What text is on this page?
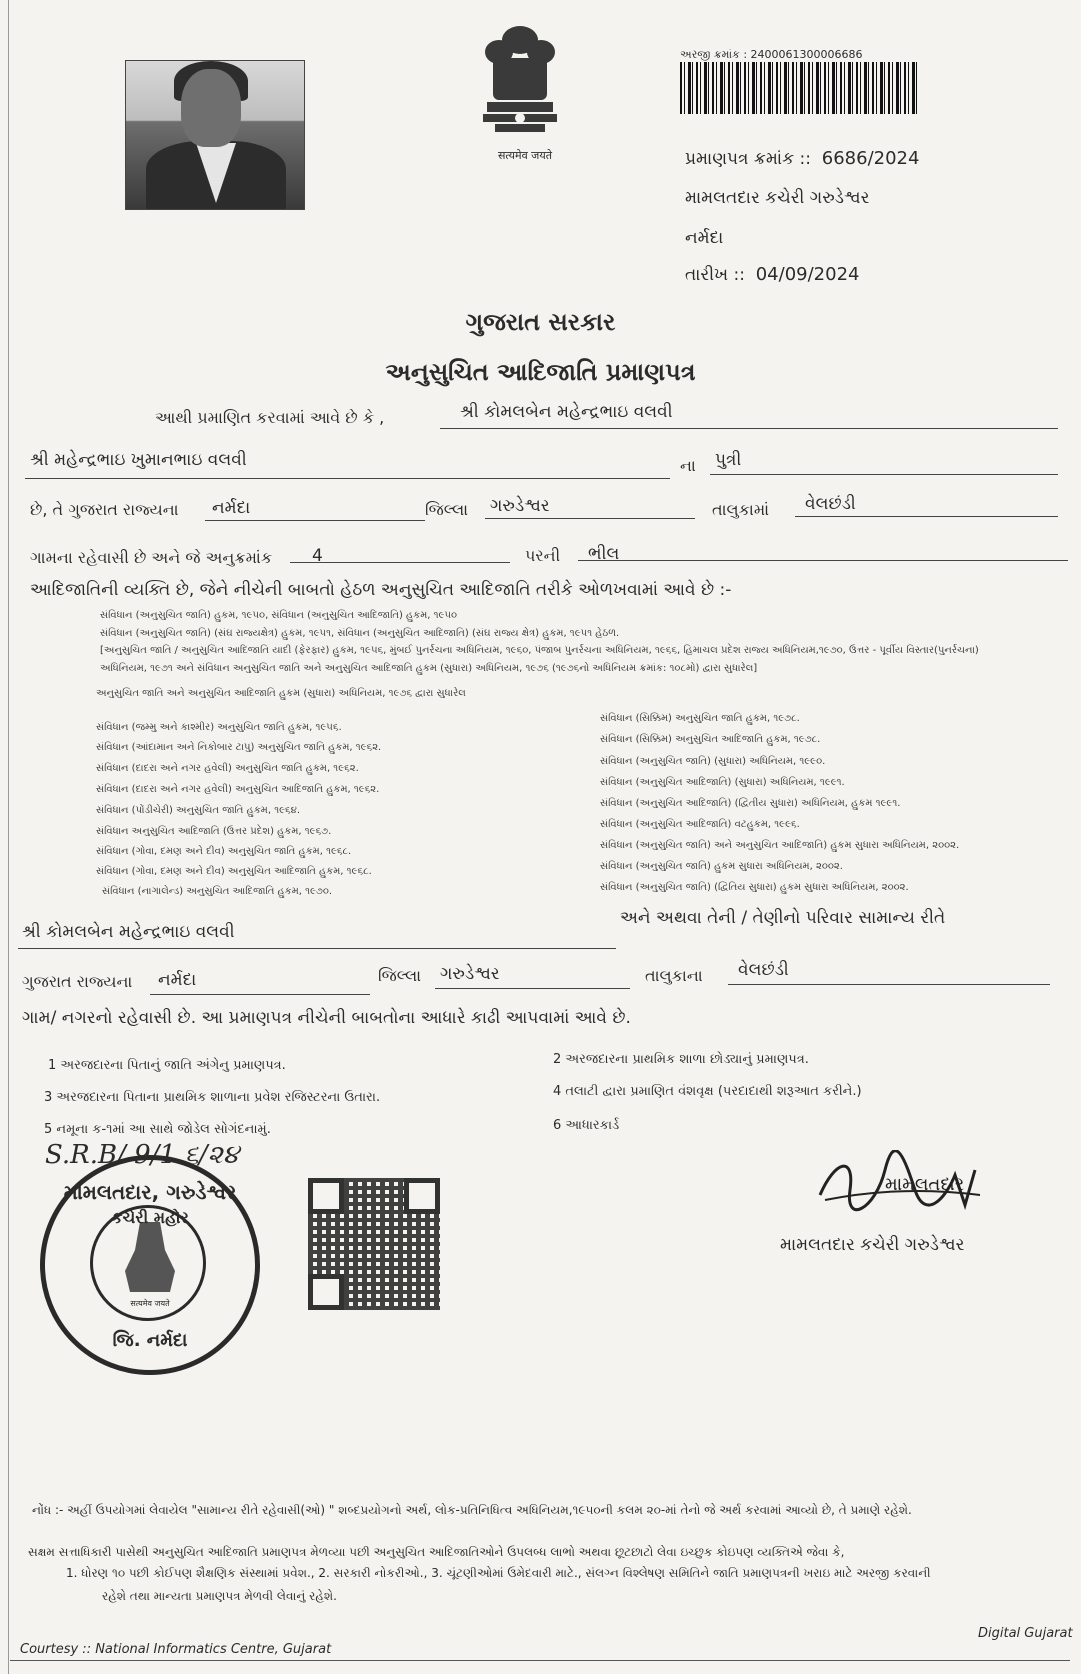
सत्यमेव जयते
અરજી ક્રમાંક : 2400061300006686
પ્રમાણપત્ર ક્રમાંક :: 6686/2024
મામલતદાર કચેરી ગરુડેશ્વર
નર્મદા
તારીખ :: 04/09/2024
ગુજરાત સરકાર
અનુસુચિત આદિજાતિ પ્રમાણપત્ર
આથી પ્રમાણિત કરવામાં આવે છે કે ,	શ્રી કોમલબેન મહેન્દ્રભાઇ વલવી
શ્રી મહેન્દ્રભાઇ ખુમાનભાઇ વલવી	ના પુત્રી
છે, તે ગુજરાત રાજ્યના નર્મદા	જિલ્લા ગરુડેશ્વર	તાલુકામાં વેલછંડી
ગામના રહેવાસી છે અને જે અનુક્રમાંક 4	પરની ભીલ
આદિજાતિની વ્યક્તિ છે, જેને નીચેની બાબતો હેઠળ અનુસુચિત આદિજાતિ તરીકે ઓળખવામાં આવે છે :-
સંવિધાન (અનુસુચિત જાતિ) હુકમ, ૧૯૫૦, સંવિધાન (અનુસુચિત આદિજાતિ) હુકમ, ૧૯૫૦
સંવિધાન (અનુસુચિત જાતિ) (સંઘ રાજ્યક્ષેત્ર) હુકમ, ૧૯૫૧, સંવિધાન (અનુસુચિત આદિજાતિ) (સંઘ રાજ્ય ક્ષેત્ર) હુકમ, ૧૯૫૧ હેઠળ.
[અનુસુચિત જાતિ / અનુસુચિત આદિજાતિ યાદી (ફેરફાર) હુકમ, ૧૯૫૬, મુંબઈ પુનર્રચના અધિનિયમ, ૧૯૬૦, પંજાબ પુનર્રચના અધિનિયમ, ૧૯૬૬, હિમાચલ પ્રદેશ રાજ્ય અધિનિયમ,૧૯૭૦, ઉત્તર - પૂર્વીય વિસ્તાર(પુનર્રચના)
અધિનિયમ, ૧૯૭૧ અને સંવિધાન અનુસુચિત જાતિ અને અનુસુચિત આદિજાતિ હુકમ (સુધારા) અધિનિયમ, ૧૯૭૬ (૧૯૭૬નો અધિનિયમ ક્રમાંક: ૧૦૮મો) દ્વારા સુધારેલ]
અનુસુચિત જાતિ અને અનુસુચિત આદિજાતિ હુકમ (સુધારા) અધિનિયમ, ૧૯૭૬ દ્વારા સુધારેલ
સંવિધાન (જમ્મુ અને કાશ્મીર) અનુસુચિત જાતિ હુકમ, ૧૯૫૬.
સંવિધાન (આંદામાન અને નિકોબાર ટાપુ) અનુસુચિત જાતિ હુકમ, ૧૯૬૨.
સંવિધાન (દાદરા અને નગર હવેલી) અનુસુચિત જાતિ હુકમ, ૧૯૬૨.
સંવિધાન (દાદરા અને નગર હવેલી) અનુસુચિત આદિજાતિ હુકમ, ૧૯૬૨.
સંવિધાન (પોંડીચેરી) અનુસુચિત જાતિ હુકમ, ૧૯૬૪.
સંવિધાન અનુસુચિત આદિજાતિ (ઉત્તર પ્રદેશ) હુકમ, ૧૯૬૭.
સંવિધાન (ગોવા, દમણ અને દીવ) અનુસુચિત જાતિ હુકમ, ૧૯૬૮.
સંવિધાન (ગોવા, દમણ અને દીવ) અનુસુચિત આદિજાતિ હુકમ, ૧૯૬૮.
સંવિધાન (નાગાલેન્ડ) અનુસુચિત આદિજાતિ હુકમ, ૧૯૭૦.
સંવિધાન (સિક્કિમ) અનુસુચિત જાતિ હુકમ, ૧૯૭૮.
સંવિધાન (સિક્કિમ) અનુસુચિત આદિજાતિ હુકમ, ૧૯૭૮.
સંવિધાન (અનુસુચિત જાતિ) (સુધારા) અધિનિયમ, ૧૯૯૦.
સંવિધાન (અનુસુચિત આદિજાતિ) (સુધારા) અધિનિયમ, ૧૯૯૧.
સંવિધાન (અનુસુચિત આદિજાતિ) (દ્વિતીય સુધારા) અધિનિયમ, હુકમ ૧૯૯૧.
સંવિધાન (અનુસુચિત આદિજાતિ) વટહુકમ, ૧૯૯૬.
સંવિધાન (અનુસુચિત જાતિ) અને અનુસુચિત આદિજાતિ) હુકમ સુધારા અધિનિયમ, ૨૦૦૨.
સંવિધાન (અનુસુચિત જાતિ) હુકમ સુધારા અધિનિયમ, ૨૦૦૨.
સંવિધાન (અનુસુચિત જાતિ) (દ્વિતિય સુધારા) હુકમ સુધારા અધિનિયમ, ૨૦૦૨.
અને અથવા તેની / તેણીનો પરિવાર સામાન્ય રીતે
શ્રી કોમલબેન મહેન્દ્રભાઇ વલવી
ગુજરાત રાજ્યના નર્મદા	જિલ્લા ગરુડેશ્વર	તાલુકાના વેલછંડી
ગામ/ નગરનો રહેવાસી છે. આ પ્રમાણપત્ર નીચેની બાબતોના આધારે કાઢી આપવામાં આવે છે.
1 અરજદારના પિતાનું જાતિ અંગેનુ પ્રમાણપત્ર.
3 અરજદારના પિતાના પ્રાથમિક શાળાના પ્રવેશ રજિસ્ટરના ઉતારા.
5 નમૂના ક-૧માં આ સાથે જોડેલ સોગંદનામું.
2 અરજદારના પ્રાથમિક શાળા છોડ્યાનું પ્રમાણપત્ર.
4 તલાટી દ્વારા પ્રમાણિત વંશવૃક્ષ (પરદાદાથી શરૂઆત કરીને.)
6 આધારકાર્ડ
S.R.B/ 9/1 ૬/૨૪
મામલતદાર, ગરુડેશ્વર
કચેરી મહોર
सत्यमेव जयते
જિ. નર્મદા
મામલતદાર
મામલતદાર કચેરી ગરુડેશ્વર
નોંધ :- અહીં ઉપયોગમાં લેવાયેલ "સામાન્ય રીતે રહેવાસી(ઓ) " શબ્દપ્રયોગનો અર્થ, લોક-પ્રતિનિધિત્વ અધિનિયમ,૧૯૫૦ની કલમ ૨૦-માં તેનો જે અર્થ કરવામાં આવ્યો છે, તે પ્રમાણે રહેશે.
સક્ષમ સત્તાધિકારી પાસેથી અનુસુચિત આદિજાતિ પ્રમાણપત્ર મેળવ્યા પછી અનુસુચિત આદિજાતિઓને ઉપલબ્ધ લાભો અથવા છૂટછાટો લેવા ઇચ્છુક કોઇપણ વ્યક્તિએ જેવા કે,
1. ધોરણ ૧૦ પછી કોઈપણ શૈક્ષણિક સંસ્થામાં પ્રવેશ., 2. સરકારી નોકરીઓ., 3. ચૂંટણીઓમાં ઉમેદવારી માટે., સંલગ્ન વિશ્લેષણ સમિતિને જાતિ પ્રમાણપત્રની ખરાઇ માટે અરજી કરવાની
રહેશે તથા માન્યતા પ્રમાણપત્ર મેળવી લેવાનું રહેશે.
Digital Gujarat
Courtesy :: National Informatics Centre, Gujarat
